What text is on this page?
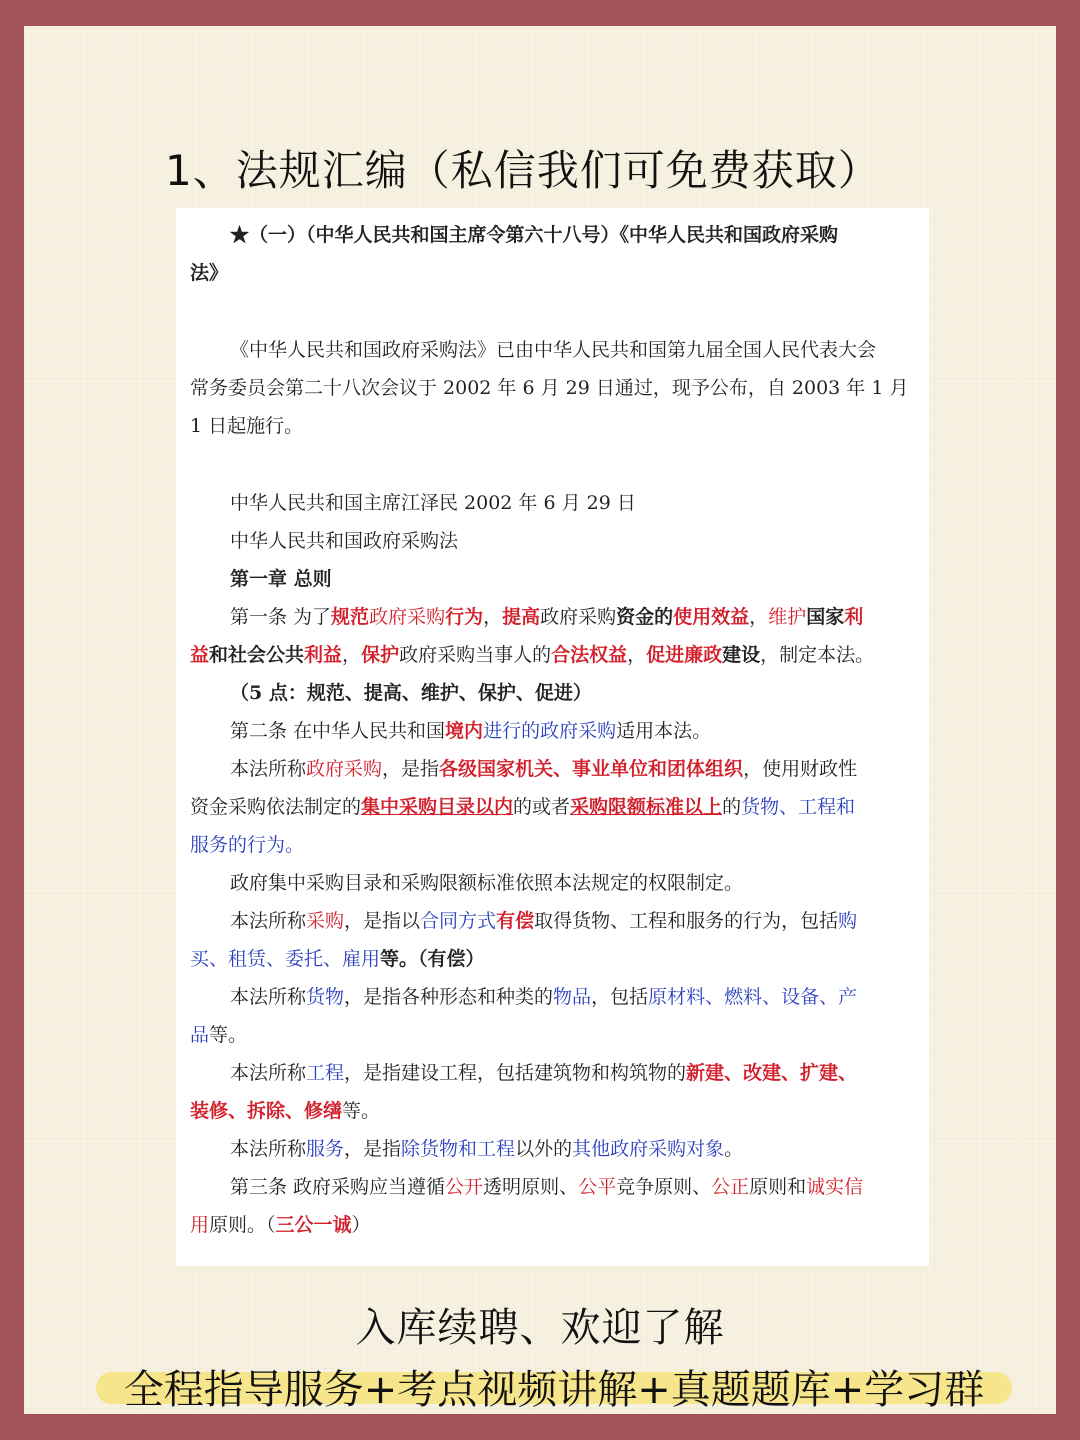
1、法规汇编（私信我们可免费获取）
★（一）（中华人民共和国主席令第六十八号）《中华人民共和国政府采购
法》
《中华人民共和国政府采购法》已由中华人民共和国第九届全国人民代表大会
常务委员会第二十八次会议于 2002 年 6 月 29 日通过，现予公布，自 2003 年 1 月
1 日起施行。
中华人民共和国主席江泽民 2002 年 6 月 29 日
中华人民共和国政府采购法
第一章 总则
第一条 为了规范政府采购行为，提高政府采购资金的使用效益，维护国家利
益和社会公共利益，保护政府采购当事人的合法权益，促进廉政建设，制定本法。
（5 点：规范、提高、维护、保护、促进）
第二条 在中华人民共和国境内进行的政府采购适用本法。
本法所称政府采购，是指各级国家机关、事业单位和团体组织，使用财政性
资金采购依法制定的集中采购目录以内的或者采购限额标准以上的货物、工程和
服务的行为。
政府集中采购目录和采购限额标准依照本法规定的权限制定。
本法所称采购，是指以合同方式有偿取得货物、工程和服务的行为，包括购
买、租赁、委托、雇用等。（有偿）
本法所称货物，是指各种形态和种类的物品，包括原材料、燃料、设备、产
品等。
本法所称工程，是指建设工程，包括建筑物和构筑物的新建、改建、扩建、
装修、拆除、修缮等。
本法所称服务，是指除货物和工程以外的其他政府采购对象。
第三条 政府采购应当遵循公开透明原则、公平竞争原则、公正原则和诚实信
用原则。（三公一诚）
入库续聘、欢迎了解
全程指导服务+考点视频讲解+真题题库+学习群
